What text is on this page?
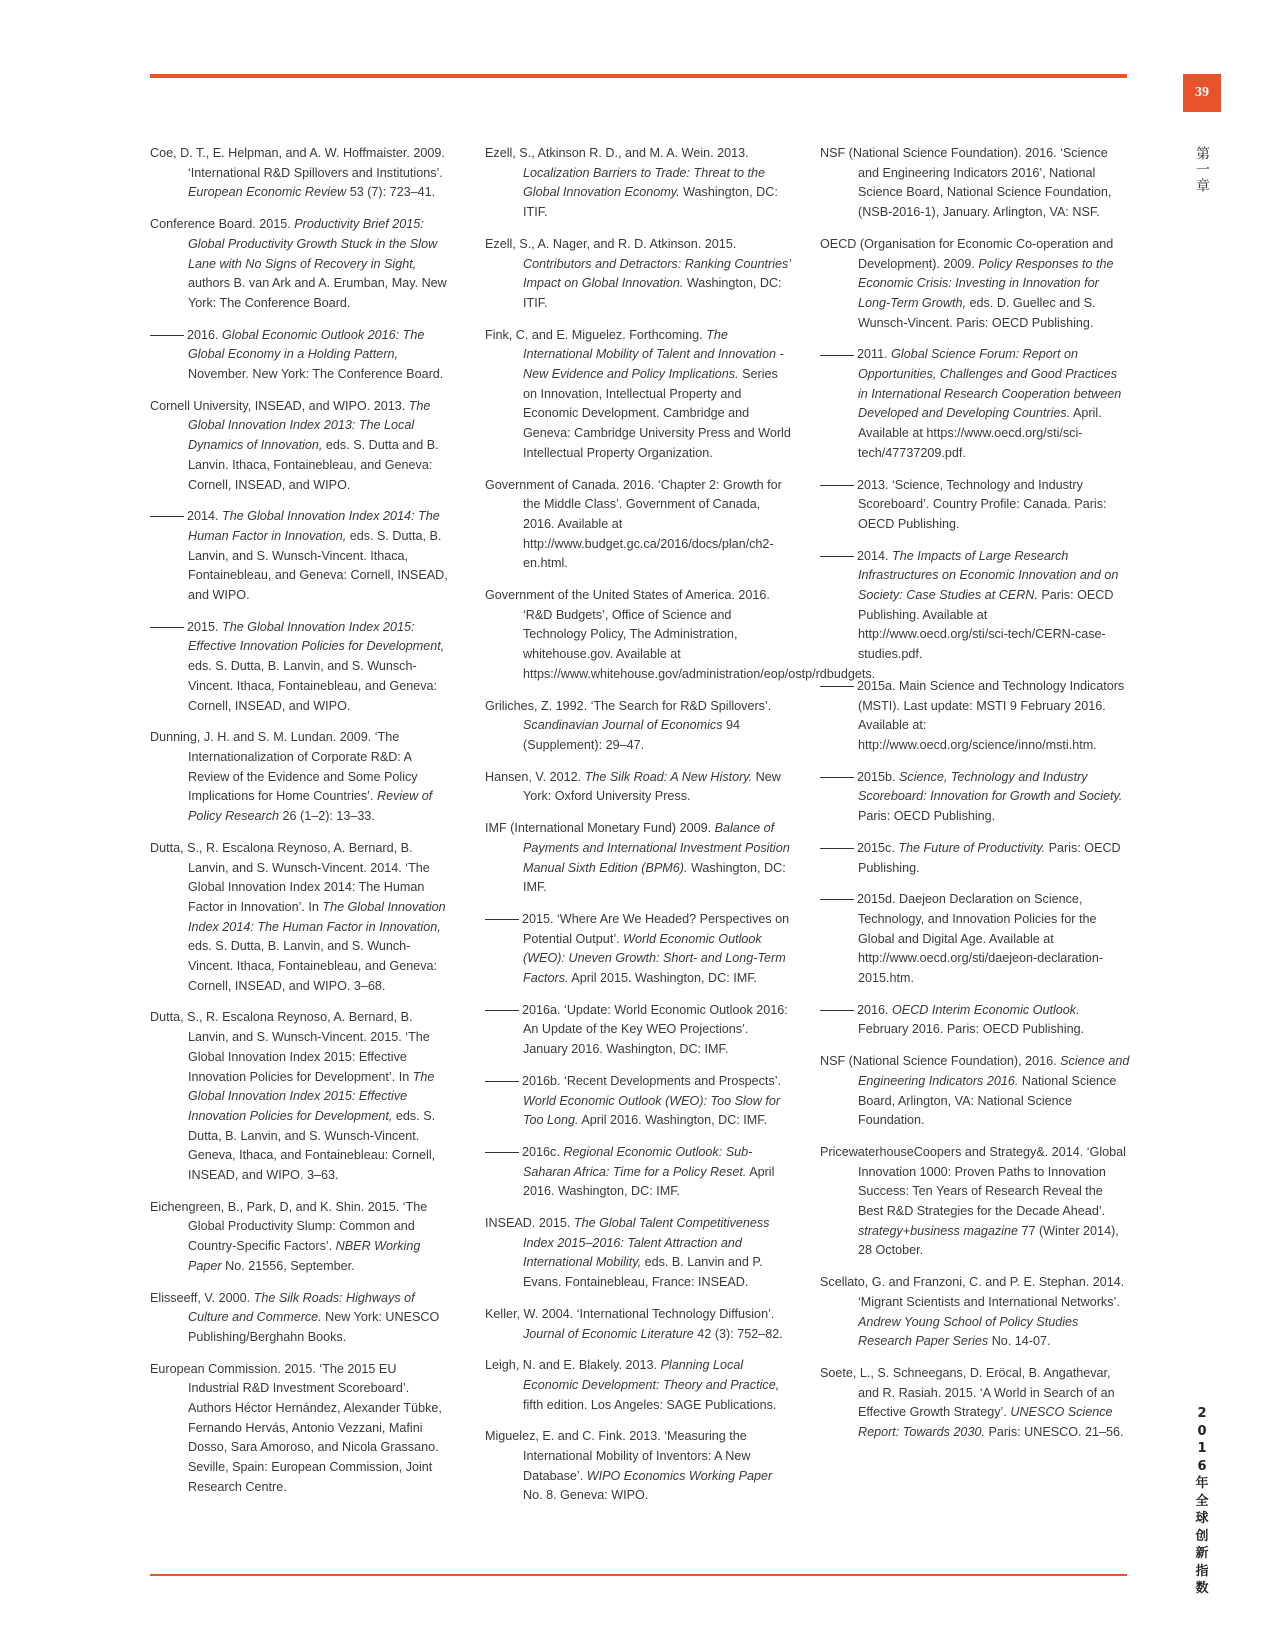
39
第一章
2016年全球创新指数

Coe, D. T., E. Helpman, and A. W. Hoffmaister. 2009. ‘International R&D Spillovers and Institutions’. European Economic Review 53 (7): 723–41.

Conference Board. 2015. Productivity Brief 2015: Global Productivity Growth Stuck in the Slow Lane with No Signs of Recovery in Sight, authors B. van Ark and A. Erumban, May. New York: The Conference Board.

2016. Global Economic Outlook 2016: The Global Economy in a Holding Pattern, November. New York: The Conference Board.

Cornell University, INSEAD, and WIPO. 2013. The Global Innovation Index 2013: The Local Dynamics of Innovation, eds. S. Dutta and B. Lanvin. Ithaca, Fontainebleau, and Geneva: Cornell, INSEAD, and WIPO.

2014. The Global Innovation Index 2014: The Human Factor in Innovation, eds. S. Dutta, B. Lanvin, and S. Wunsch-Vincent. Ithaca, Fontainebleau, and Geneva: Cornell, INSEAD, and WIPO.

2015. The Global Innovation Index 2015: Effective Innovation Policies for Development, eds. S. Dutta, B. Lanvin, and S. Wunsch-Vincent. Ithaca, Fontainebleau, and Geneva: Cornell, INSEAD, and WIPO.

Dunning, J. H. and S. M. Lundan. 2009. ‘The Internationalization of Corporate R&D: A Review of the Evidence and Some Policy Implications for Home Countries’. Review of Policy Research 26 (1–2): 13–33.

Dutta, S., R. Escalona Reynoso, A. Bernard, B. Lanvin, and S. Wunsch-Vincent. 2014. ‘The Global Innovation Index 2014: The Human Factor in Innovation’. In The Global Innovation Index 2014: The Human Factor in Innovation, eds. S. Dutta, B. Lanvin, and S. Wunch-Vincent. Ithaca, Fontainebleau, and Geneva: Cornell, INSEAD, and WIPO. 3–68.

Dutta, S., R. Escalona Reynoso, A. Bernard, B. Lanvin, and S. Wunsch-Vincent. 2015. ‘The Global Innovation Index 2015: Effective Innovation Policies for Development’. In The Global Innovation Index 2015: Effective Innovation Policies for Development, eds. S. Dutta, B. Lanvin, and S. Wunsch-Vincent. Geneva, Ithaca, and Fontainebleau: Cornell, INSEAD, and WIPO. 3–63.

Eichengreen, B., Park, D, and K. Shin. 2015. ‘The Global Productivity Slump: Common and Country-Specific Factors’. NBER Working Paper No. 21556, September.

Elisseeff, V. 2000. The Silk Roads: Highways of Culture and Commerce. New York: UNESCO Publishing/Berghahn Books.

European Commission. 2015. ‘The 2015 EU Industrial R&D Investment Scoreboard’. Authors Héctor Hernández, Alexander Tübke, Fernando Hervás, Antonio Vezzani, Mafini Dosso, Sara Amoroso, and Nicola Grassano. Seville, Spain: European Commission, Joint Research Centre.

Ezell, S., Atkinson R. D., and M. A. Wein. 2013. Localization Barriers to Trade: Threat to the Global Innovation Economy. Washington, DC: ITIF.

Ezell, S., A. Nager, and R. D. Atkinson. 2015. Contributors and Detractors: Ranking Countries’ Impact on Global Innovation. Washington, DC: ITIF.

Fink, C. and E. Miguelez. Forthcoming. The International Mobility of Talent and Innovation - New Evidence and Policy Implications. Series on Innovation, Intellectual Property and Economic Development. Cambridge and Geneva: Cambridge University Press and World Intellectual Property Organization.

Government of Canada. 2016. ‘Chapter 2: Growth for the Middle Class’. Government of Canada, 2016. Available at http://www.budget.gc.ca/2016/docs/plan/ch2-en.html.

Government of the United States of America. 2016. ‘R&D Budgets’, Office of Science and Technology Policy, The Administration, whitehouse.gov. Available at https://www.whitehouse.gov/administration/eop/ostp/rdbudgets.

Griliches, Z. 1992. ‘The Search for R&D Spillovers’. Scandinavian Journal of Economics 94 (Supplement): 29–47.

Hansen, V. 2012. The Silk Road: A New History. New York: Oxford University Press.

IMF (International Monetary Fund) 2009. Balance of Payments and International Investment Position Manual Sixth Edition (BPM6). Washington, DC: IMF.

2015. ‘Where Are We Headed? Perspectives on Potential Output’. World Economic Outlook (WEO): Uneven Growth: Short- and Long-Term Factors. April 2015. Washington, DC: IMF.

2016a. ‘Update: World Economic Outlook 2016: An Update of the Key WEO Projections’. January 2016. Washington, DC: IMF.

2016b. ‘Recent Developments and Prospects’. World Economic Outlook (WEO): Too Slow for Too Long. April 2016. Washington, DC: IMF.

2016c. Regional Economic Outlook: Sub-Saharan Africa: Time for a Policy Reset. April 2016. Washington, DC: IMF.

INSEAD. 2015. The Global Talent Competitiveness Index 2015–2016: Talent Attraction and International Mobility, eds. B. Lanvin and P. Evans. Fontainebleau, France: INSEAD.

Keller, W. 2004. ‘International Technology Diffusion’. Journal of Economic Literature 42 (3): 752–82.

Leigh, N. and E. Blakely. 2013. Planning Local Economic Development: Theory and Practice, fifth edition. Los Angeles: SAGE Publications.

Miguelez, E. and C. Fink. 2013. ‘Measuring the International Mobility of Inventors: A New Database’. WIPO Economics Working Paper No. 8. Geneva: WIPO.

NSF (National Science Foundation). 2016. ‘Science and Engineering Indicators 2016’, National Science Board, National Science Foundation, (NSB-2016-1), January. Arlington, VA: NSF.

OECD (Organisation for Economic Co-operation and Development). 2009. Policy Responses to the Economic Crisis: Investing in Innovation for Long-Term Growth, eds. D. Guellec and S. Wunsch-Vincent. Paris: OECD Publishing.

2011. Global Science Forum: Report on Opportunities, Challenges and Good Practices in International Research Cooperation between Developed and Developing Countries. April. Available at https://www.oecd.org/sti/sci-tech/47737209.pdf.

2013. ‘Science, Technology and Industry Scoreboard’. Country Profile: Canada. Paris: OECD Publishing.

2014. The Impacts of Large Research Infrastructures on Economic Innovation and on Society: Case Studies at CERN. Paris: OECD Publishing. Available at http://www.oecd.org/sti/sci-tech/CERN-case-studies.pdf.

2015a. Main Science and Technology Indicators (MSTI). Last update: MSTI 9 February 2016. Available at: http://www.oecd.org/science/inno/msti.htm.

2015b. Science, Technology and Industry Scoreboard: Innovation for Growth and Society. Paris: OECD Publishing.

2015c. The Future of Productivity. Paris: OECD Publishing.

2015d. Daejeon Declaration on Science, Technology, and Innovation Policies for the Global and Digital Age. Available at http://www.oecd.org/sti/daejeon-declaration-2015.htm.

2016. OECD Interim Economic Outlook. February 2016. Paris: OECD Publishing.

NSF (National Science Foundation), 2016. Science and Engineering Indicators 2016. National Science Board, Arlington, VA: National Science Foundation.

PricewaterhouseCoopers and Strategy&. 2014. ‘Global Innovation 1000: Proven Paths to Innovation Success: Ten Years of Research Reveal the Best R&D Strategies for the Decade Ahead’. strategy+business magazine 77 (Winter 2014), 28 October.

Scellato, G. and Franzoni, C. and P. E. Stephan. 2014. ‘Migrant Scientists and International Networks’. Andrew Young School of Policy Studies Research Paper Series No. 14-07.

Soete, L., S. Schneegans, D. Eröcal, B. Angathevar, and R. Rasiah. 2015. ‘A World in Search of an Effective Growth Strategy’. UNESCO Science Report: Towards 2030. Paris: UNESCO. 21–56.
